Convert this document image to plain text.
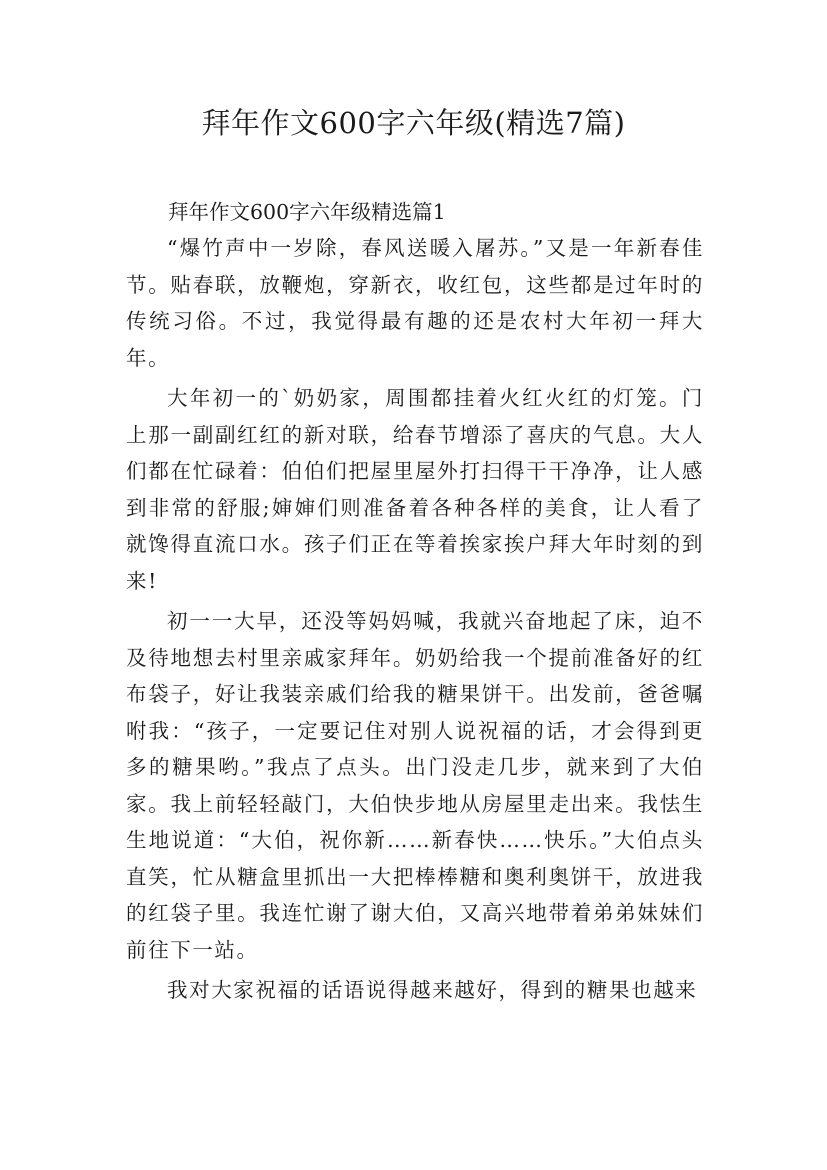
拜年作文600字六年级(精选7篇)
拜年作文600字六年级精选篇1

“爆竹声中一岁除，春风送暖入屠苏。”又是一年新春佳节。贴春联，放鞭炮，穿新衣，收红包，这些都是过年时的传统习俗。不过，我觉得最有趣的还是农村大年初一拜大年。

大年初一的`奶奶家，周围都挂着火红火红的灯笼。门上那一副副红红的新对联，给春节增添了喜庆的气息。大人们都在忙碌着：伯伯们把屋里屋外打扫得干干净净，让人感到非常的舒服;婶婶们则准备着各种各样的美食，让人看了就馋得直流口水。孩子们正在等着挨家挨户拜大年时刻的到来!

初一一大早，还没等妈妈喊，我就兴奋地起了床，迫不及待地想去村里亲戚家拜年。奶奶给我一个提前准备好的红布袋子，好让我装亲戚们给我的糖果饼干。出发前，爸爸嘱咐我：“孩子，一定要记住对别人说祝福的话，才会得到更多的糖果哟。”我点了点头。出门没走几步，就来到了大伯家。我上前轻轻敲门，大伯快步地从房屋里走出来。我怯生生地说道：“大伯，祝你新……新春快……快乐。”大伯点头直笑，忙从糖盒里抓出一大把棒棒糖和奥利奥饼干，放进我的红袋子里。我连忙谢了谢大伯，又高兴地带着弟弟妹妹们前往下一站。

我对大家祝福的话语说得越来越好，得到的糖果也越来
